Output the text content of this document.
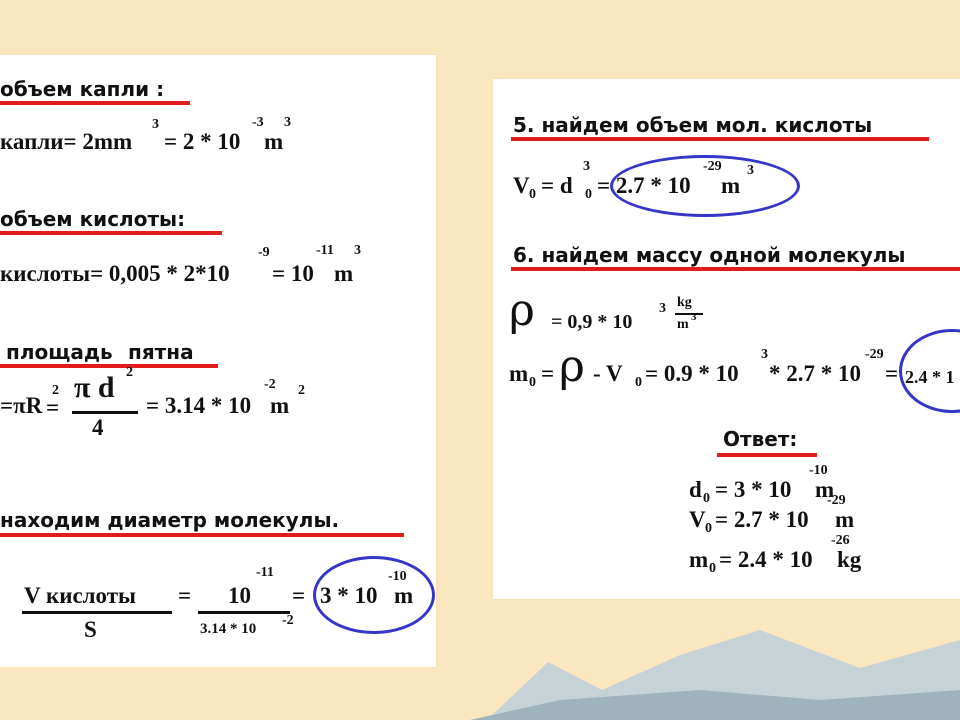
объем капли :
капли= 2mm
3
= 2 * 10
-3 3
m
объем кислоты:
кислоты= 0,005 * 2*10
-9
= 10
-11 3
m
площадь пятна
=πR
2
=
π d 2
4
= 3.14 * 10
-2
m
2
находим диаметр молекулы.
V кислоты
S
= 10
-11
3.14 * 10
-2
= 3 * 10
-10
m
5. найдем объем мол. кислоты
V 0 = d
3
0 = 2.7 * 10
-29
m
3
6. найдем массу одной молекулы
ρ = 0,9 * 10
3 kg
m 3
m 0 = ρ - V 0 = 0.9 * 10
3
* 2.7 * 10
-29
= 2.4 * 1
Ответ:
d 0 = 3 * 10
-10
m
V 0 = 2.7 * 10
-29
m
m 0 = 2.4 * 10
-26
kg
